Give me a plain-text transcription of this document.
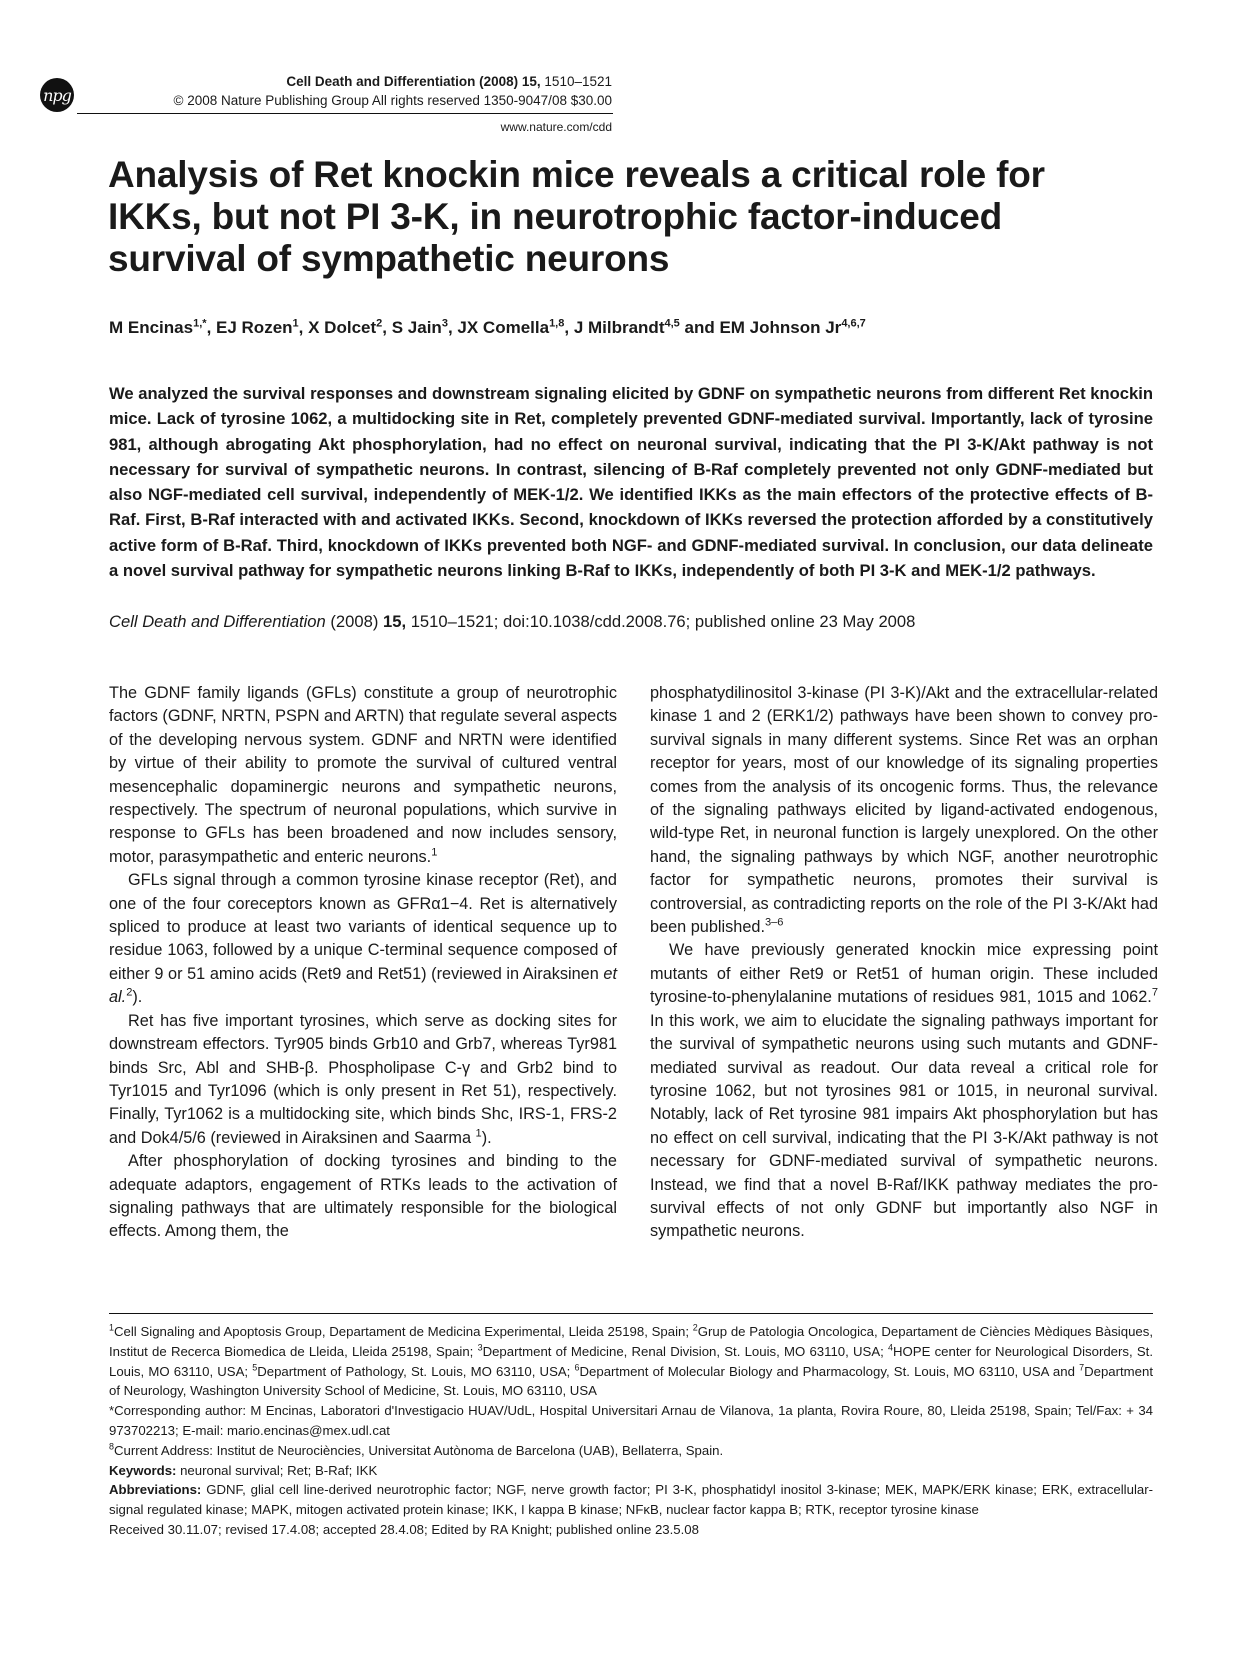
npg
Cell Death and Differentiation (2008) 15, 1510–1521
© 2008 Nature Publishing Group All rights reserved 1350-9047/08 $30.00
www.nature.com/cdd
Analysis of Ret knockin mice reveals a critical role for IKKs, but not PI 3-K, in neurotrophic factor-induced survival of sympathetic neurons
M Encinas$^{1,*}$, EJ Rozen$^1$, X Dolcet$^2$, S Jain$^3$, JX Comella$^{1,8}$, J Milbrandt$^{4,5}$ and EM Johnson Jr$^{4,6,7}$
We analyzed the survival responses and downstream signaling elicited by GDNF on sympathetic neurons from different Ret knockin mice. Lack of tyrosine 1062, a multidocking site in Ret, completely prevented GDNF-mediated survival. Importantly, lack of tyrosine 981, although abrogating Akt phosphorylation, had no effect on neuronal survival, indicating that the PI 3-K/Akt pathway is not necessary for survival of sympathetic neurons. In contrast, silencing of B-Raf completely prevented not only GDNF-mediated but also NGF-mediated cell survival, independently of MEK-1/2. We identified IKKs as the main effectors of the protective effects of B-Raf. First, B-Raf interacted with and activated IKKs. Second, knockdown of IKKs reversed the protection afforded by a constitutively active form of B-Raf. Third, knockdown of IKKs prevented both NGF- and GDNF-mediated survival. In conclusion, our data delineate a novel survival pathway for sympathetic neurons linking B-Raf to IKKs, independently of both PI 3-K and MEK-1/2 pathways.
Cell Death and Differentiation (2008) 15, 1510–1521; doi:10.1038/cdd.2008.76; published online 23 May 2008

The GDNF family ligands (GFLs) constitute a group of neurotrophic factors (GDNF, NRTN, PSPN and ARTN) that regulate several aspects of the developing nervous system. GDNF and NRTN were identified by virtue of their ability to promote the survival of cultured ventral mesencephalic dopaminergic neurons and sympathetic neurons, respectively. The spectrum of neuronal populations, which survive in response to GFLs has been broadened and now includes sensory, motor, parasympathetic and enteric neurons.$^1$

GFLs signal through a common tyrosine kinase receptor (Ret), and one of the four coreceptors known as GFRα1−4. Ret is alternatively spliced to produce at least two variants of identical sequence up to residue 1063, followed by a unique C-terminal sequence composed of either 9 or 51 amino acids (Ret9 and Ret51) (reviewed in Airaksinen et al.$^2$).

Ret has five important tyrosines, which serve as docking sites for downstream effectors. Tyr905 binds Grb10 and Grb7, whereas Tyr981 binds Src, Abl and SHB-β. Phospholipase C-γ and Grb2 bind to Tyr1015 and Tyr1096 (which is only present in Ret 51), respectively. Finally, Tyr1062 is a multidocking site, which binds Shc, IRS-1, FRS-2 and Dok4/5/6 (reviewed in Airaksinen and Saarma $^1$).

After phosphorylation of docking tyrosines and binding to the adequate adaptors, engagement of RTKs leads to the activation of signaling pathways that are ultimately responsible for the biological effects. Among them, the

phosphatydilinositol 3-kinase (PI 3-K)/Akt and the extracellular-related kinase 1 and 2 (ERK1/2) pathways have been shown to convey pro-survival signals in many different systems. Since Ret was an orphan receptor for years, most of our knowledge of its signaling properties comes from the analysis of its oncogenic forms. Thus, the relevance of the signaling pathways elicited by ligand-activated endogenous, wild-type Ret, in neuronal function is largely unexplored. On the other hand, the signaling pathways by which NGF, another neurotrophic factor for sympathetic neurons, promotes their survival is controversial, as contradicting reports on the role of the PI 3-K/Akt had been published.$^{3-6}$

We have previously generated knockin mice expressing point mutants of either Ret9 or Ret51 of human origin. These included tyrosine-to-phenylalanine mutations of residues 981, 1015 and 1062.$^7$ In this work, we aim to elucidate the signaling pathways important for the survival of sympathetic neurons using such mutants and GDNF-mediated survival as readout. Our data reveal a critical role for tyrosine 1062, but not tyrosines 981 or 1015, in neuronal survival. Notably, lack of Ret tyrosine 981 impairs Akt phosphorylation but has no effect on cell survival, indicating that the PI 3-K/Akt pathway is not necessary for GDNF-mediated survival of sympathetic neurons. Instead, we find that a novel B-Raf/IKK pathway mediates the pro-survival effects of not only GDNF but importantly also NGF in sympathetic neurons.

$^1$Cell Signaling and Apoptosis Group, Departament de Medicina Experimental, Lleida 25198, Spain; $^2$Grup de Patologia Oncologica, Departament de Ciències Mèdiques Bàsiques, Institut de Recerca Biomedica de Lleida, Lleida 25198, Spain; $^3$Department of Medicine, Renal Division, St. Louis, MO 63110, USA; $^4$HOPE center for Neurological Disorders, St. Louis, MO 63110, USA; $^5$Department of Pathology, St. Louis, MO 63110, USA; $^6$Department of Molecular Biology and Pharmacology, St. Louis, MO 63110, USA and $^7$Department of Neurology, Washington University School of Medicine, St. Louis, MO 63110, USA

*Corresponding author: M Encinas, Laboratori d'Investigacio HUAV/UdL, Hospital Universitari Arnau de Vilanova, 1a planta, Rovira Roure, 80, Lleida 25198, Spain; Tel/Fax: + 34 973702213; E-mail: mario.encinas@mex.udl.cat

$^8$Current Address: Institut de Neurociències, Universitat Autònoma de Barcelona (UAB), Bellaterra, Spain.

Keywords: neuronal survival; Ret; B-Raf; IKK

Abbreviations: GDNF, glial cell line-derived neurotrophic factor; NGF, nerve growth factor; PI 3-K, phosphatidyl inositol 3-kinase; MEK, MAPK/ERK kinase; ERK, extracellular-signal regulated kinase; MAPK, mitogen activated protein kinase; IKK, I kappa B kinase; NFκB, nuclear factor kappa B; RTK, receptor tyrosine kinase

Received 30.11.07; revised 17.4.08; accepted 28.4.08; Edited by RA Knight; published online 23.5.08
